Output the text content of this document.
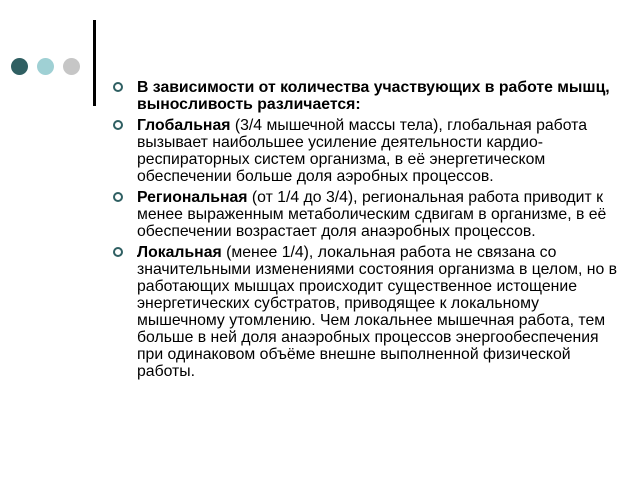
В зависимости от количества участвующих в работе мышц, выносливость различается:
Глобальная (3/4 мышечной массы тела), глобальная работа вызывает наибольшее усиление деятельности кардио-респираторных систем организма, в её энергетическом обеспечении больше доля аэробных процессов.
Региональная (от 1/4 до 3/4), региональная работа приводит к менее выраженным метаболическим сдвигам в организме, в её обеспечении возрастает доля анаэробных процессов.
Локальная (менее 1/4), локальная работа не связана со значительными изменениями состояния организма в целом, но в работающих мышцах происходит существенное истощение энергетических субстратов, приводящее к локальному мышечному утомлению. Чем локальнее мышечная работа, тем больше в ней доля анаэробных процессов энергообеспечения при одинаковом объёме внешне выполненной физической работы.
